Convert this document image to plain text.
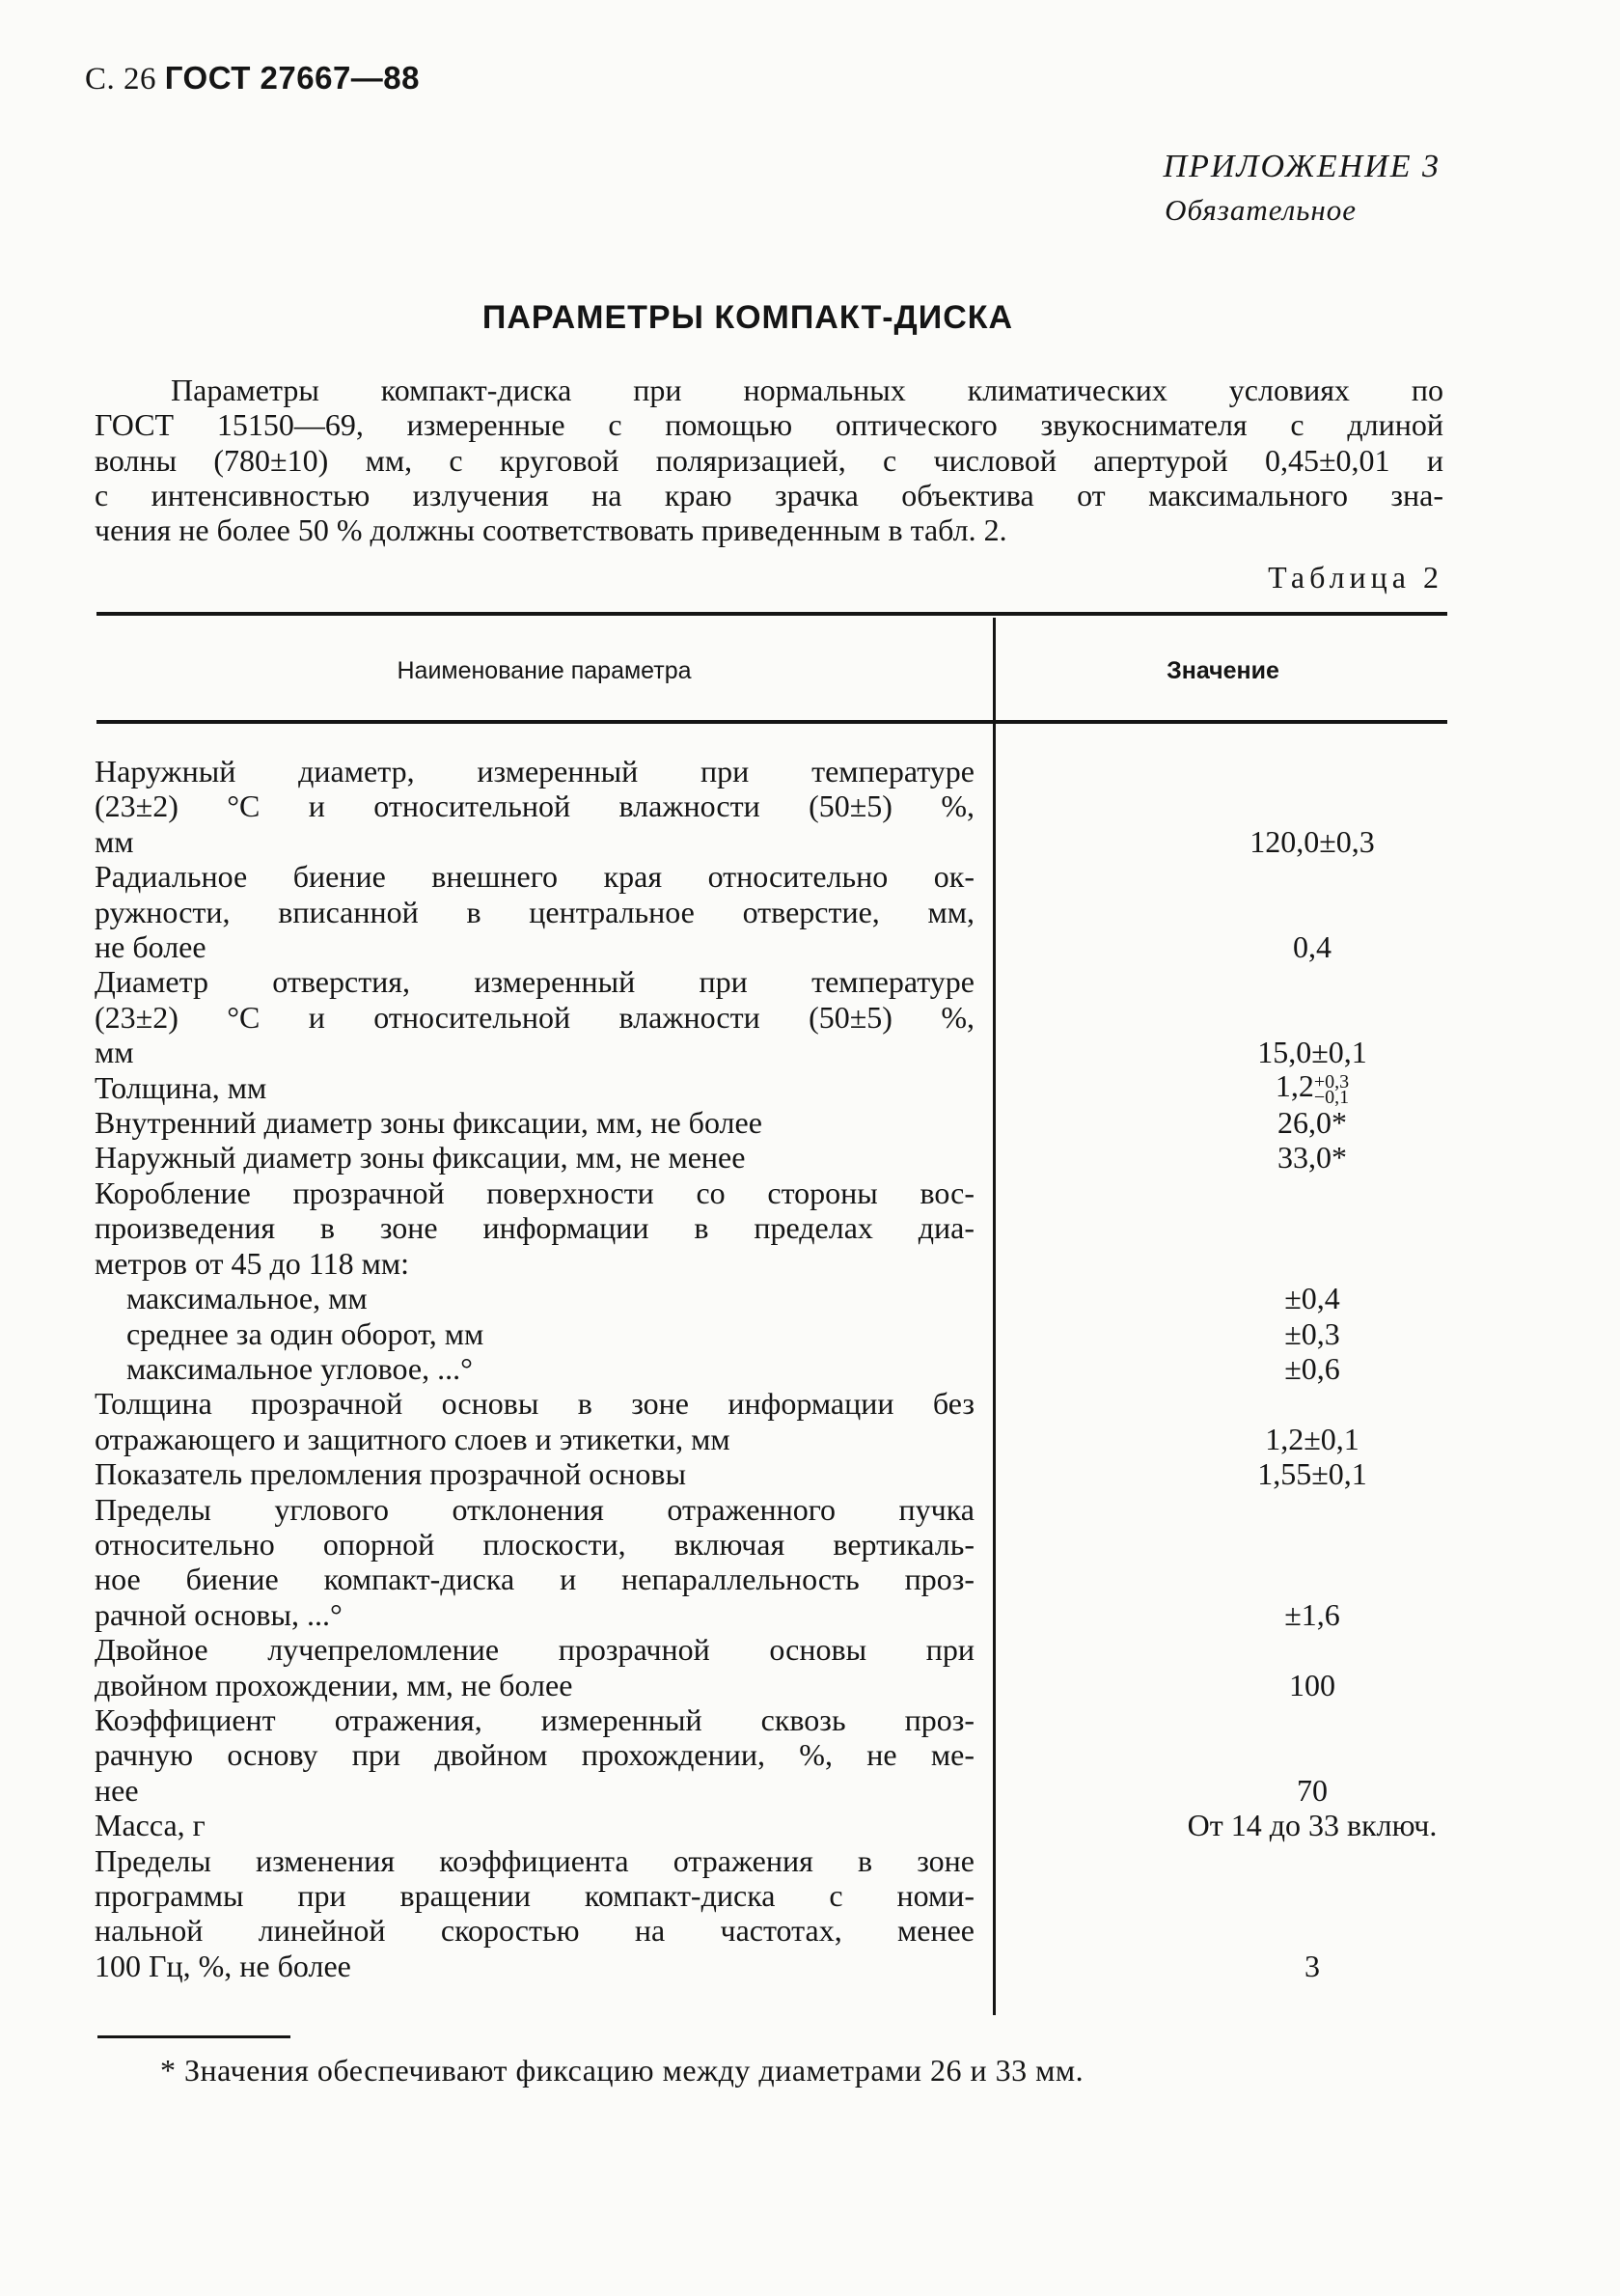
С. 26 ГОСТ 27667—88
ПРИЛОЖЕНИЕ 3
Обязательное
ПАРАМЕТРЫ КОМПАКТ-ДИСКА
Параметры компакт-диска при нормальных климатических условиях по
ГОСТ 15150—69, измеренные с помощью оптического звукоснимателя с длиной
волны (780±10) мм, с круговой поляризацией, с числовой апертурой 0,45±0,01 и
с интенсивностью излучения на краю зрачка объектива от максимального зна-
чения не более 50 % должны соответствовать приведенным в табл. 2.
Таблица 2
Наименование параметра	Значение
Наружный диаметр, измеренный при температуре
(23±2) °С и относительной влажности (50±5) %,
мм	120,0±0,3
Радиальное биение внешнего края относительно ок-
ружности, вписанной в центральное отверстие, мм,
не более	0,4
Диаметр отверстия, измеренный при температуре
(23±2) °С и относительной влажности (50±5) %,
мм	15,0±0,1
Толщина, мм	1,2 +0,3
−0,1
Внутренний диаметр зоны фиксации, мм, не более	26,0*
Наружный диаметр зоны фиксации, мм, не менее	33,0*
Коробление прозрачной поверхности со стороны вос-
произведения в зоне информации в пределах диа-
метров от 45 до 118 мм:
максимальное, мм	±0,4
среднее за один оборот, мм	±0,3
максимальное угловое, ...°	±0,6
Толщина прозрачной основы в зоне информации без
отражающего и защитного слоев и этикетки, мм	1,2±0,1
Показатель преломления прозрачной основы	1,55±0,1
Пределы углового отклонения отраженного пучка
относительно опорной плоскости, включая вертикаль-
ное биение компакт-диска и непараллельность проз-
рачной основы, ...°	±1,6
Двойное лучепреломление прозрачной основы при
двойном прохождении, мм, не более	100
Коэффициент отражения, измеренный сквозь проз-
рачную основу при двойном прохождении, %, не ме-
нее	70
Масса, г	От 14 до 33 включ.
Пределы изменения коэффициента отражения в зоне
программы при вращении компакт-диска с номи-
нальной линейной скоростью на частотах, менее
100 Гц, %, не более	3
* Значения обеспечивают фиксацию между диаметрами 26 и 33 мм.
